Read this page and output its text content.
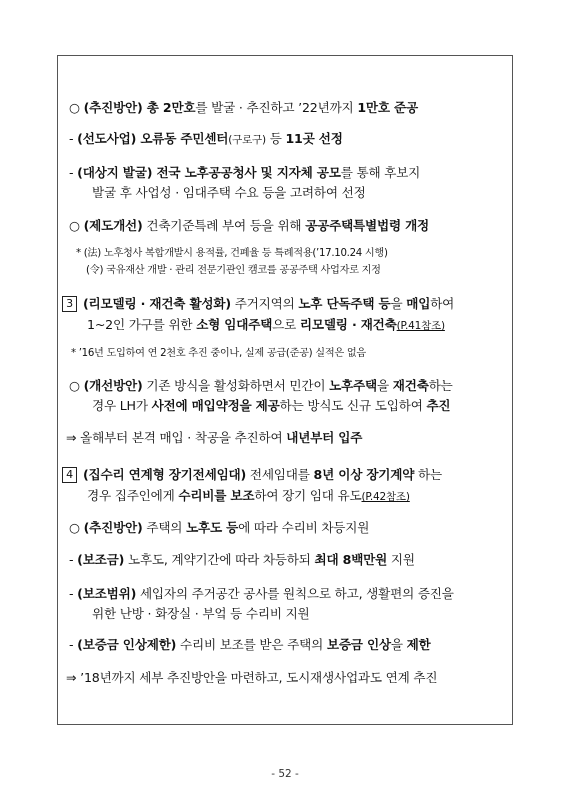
○ (추진방안) 총 2만호를 발굴 · 추진하고 ’22년까지 1만호 준공
- (선도사업) 오류동 주민센터(구로구) 등 11곳 선정
- (대상지 발굴) 전국 노후공공청사 및 지자체 공모를 통해 후보지
발굴 후 사업성 · 임대주택 수요 등을 고려하여 선정
○ (제도개선) 건축기준특례 부여 등을 위해 공공주택특별법령 개정
* (法) 노후청사 복합개발시 용적률, 건폐율 등 특례적용(’17.10.24 시행)
(令) 국유재산 개발 · 관리 전문기관인 캠코를 공공주택 사업자로 지정
3 (리모델링 · 재건축 활성화) 주거지역의 노후 단독주택 등을 매입하여
1~2인 가구를 위한 소형 임대주택으로 리모델링 · 재건축(P.41참조)
* ’16년 도입하여 연 2천호 추진 중이나, 실제 공급(준공) 실적은 없음
○ (개선방안) 기존 방식을 활성화하면서 민간이 노후주택을 재건축하는
경우 LH가 사전에 매입약정을 제공하는 방식도 신규 도입하여 추진
⇒ 올해부터 본격 매입 · 착공을 추진하여 내년부터 입주
4 (집수리 연계형 장기전세임대) 전세임대를 8년 이상 장기계약 하는
경우 집주인에게 수리비를 보조하여 장기 임대 유도(P.42참조)
○ (추진방안) 주택의 노후도 등에 따라 수리비 차등지원
- (보조금) 노후도, 계약기간에 따라 차등하되 최대 8백만원 지원
- (보조범위) 세입자의 주거공간 공사를 원칙으로 하고, 생활편의 증진을
위한 난방 · 화장실 · 부엌 등 수리비 지원
- (보증금 인상제한) 수리비 보조를 받은 주택의 보증금 인상을 제한
⇒ ’18년까지 세부 추진방안을 마련하고, 도시재생사업과도 연계 추진
- 52 -
